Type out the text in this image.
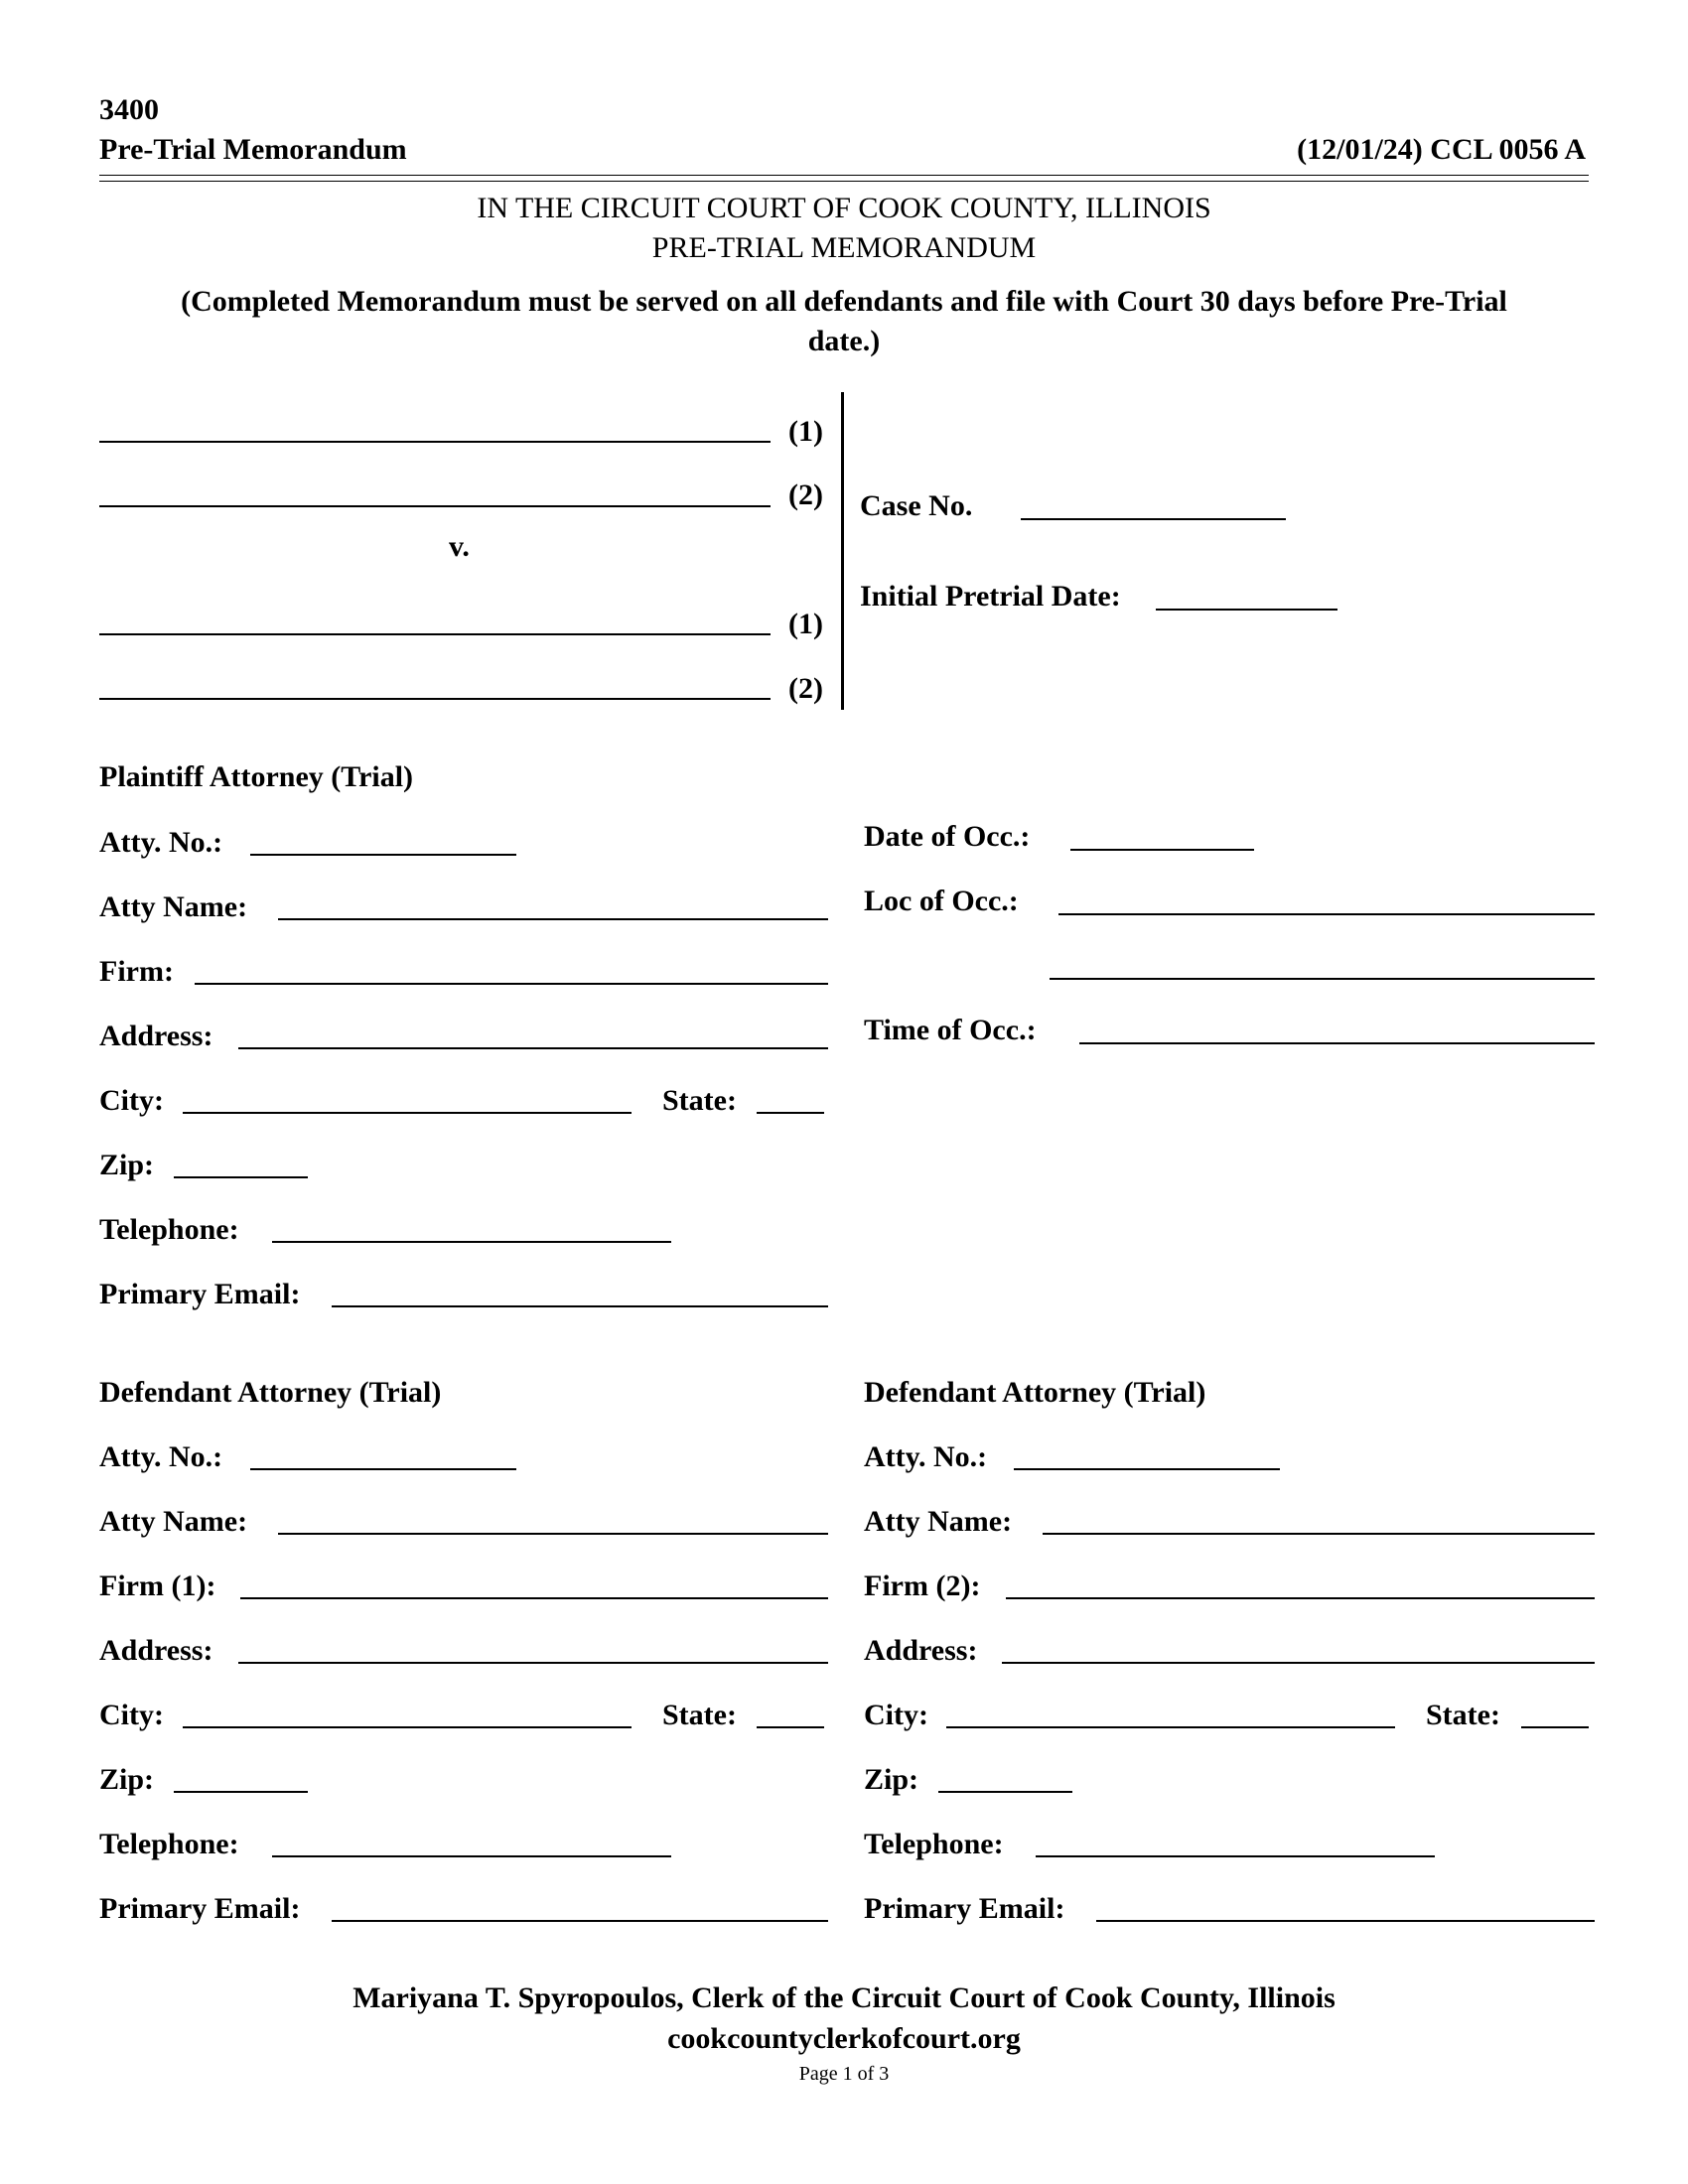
3400
Pre-Trial Memorandum	(12/01/24) CCL 0056 A
IN THE CIRCUIT COURT OF COOK COUNTY, ILLINOIS
PRE-TRIAL MEMORANDUM
(Completed Memorandum must be served on all defendants and file with Court 30 days before Pre-Trial
date.)
(1)
(2)
v.
(1)
(2)
Case No.
Initial Pretrial Date:
Plaintiff Attorney (Trial)
Atty. No.:
Atty Name:
Firm:
Address:
City:	State:
Zip:
Telephone:
Primary Email:
Date of Occ.:
Loc of Occ.:
Time of Occ.:
Defendant Attorney (Trial)
Atty. No.:
Atty Name:
Firm (1):
Address:
City:	State:
Zip:
Telephone:
Primary Email:
Defendant Attorney (Trial)
Atty. No.:
Atty Name:
Firm (2):
Address:
City:	State:
Zip:
Telephone:
Primary Email:
Mariyana T. Spyropoulos, Clerk of the Circuit Court of Cook County, Illinois
cookcountyclerkofcourt.org
Page 1 of 3
